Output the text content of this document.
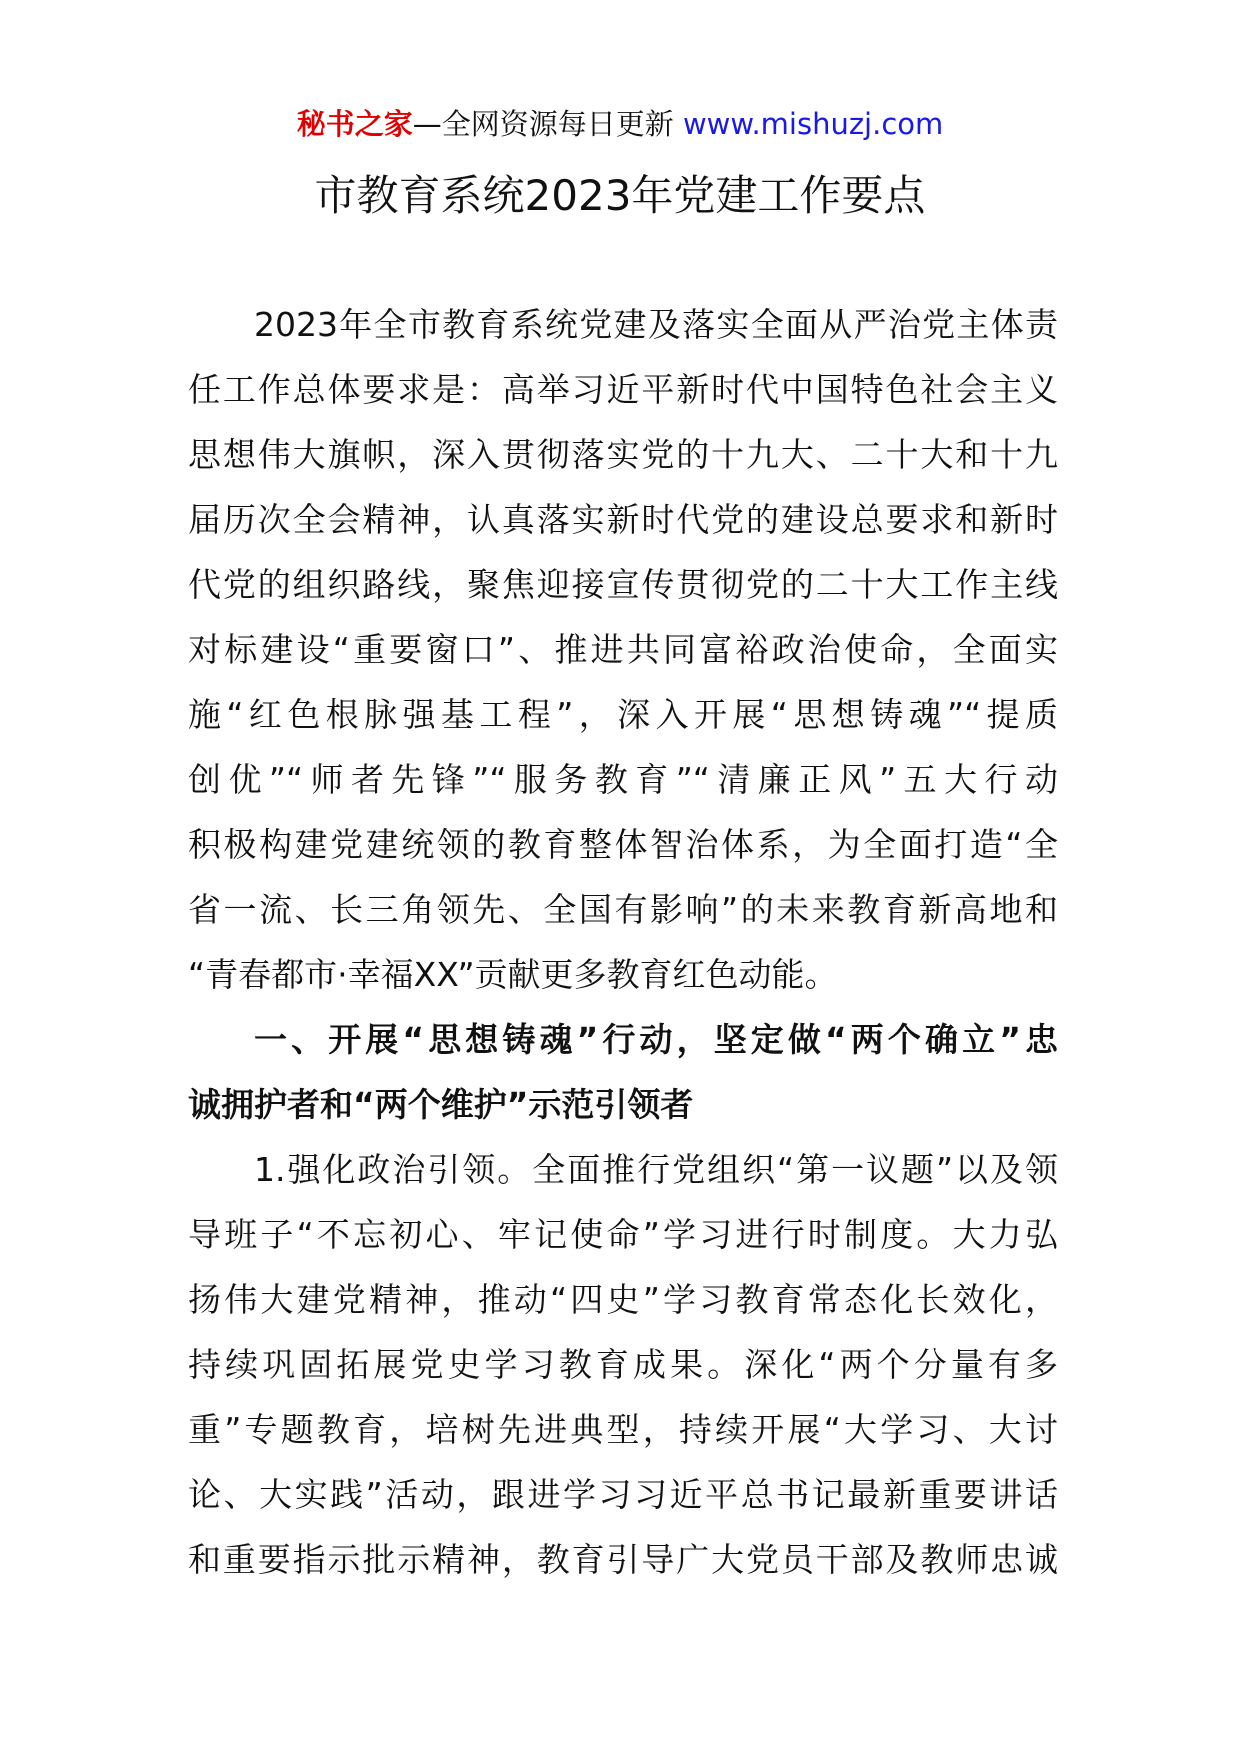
秘书之家—全网资源每日更新 www.mishuzj.com
市教育系统2023年党建工作要点
2023年全市教育系统党建及落实全面从严治党主体责
任工作总体要求是：高举习近平新时代中国特色社会主义
思想伟大旗帜，深入贯彻落实党的十九大、二十大和十九
届历次全会精神，认真落实新时代党的建设总要求和新时
代党的组织路线，聚焦迎接宣传贯彻党的二十大工作主线
对标建设“重要窗口”、推进共同富裕政治使命，全面实
施“红色根脉强基工程”，深入开展“思想铸魂”“提质
创优”“师者先锋”“服务教育”“清廉正风”五大行动
积极构建党建统领的教育整体智治体系，为全面打造“全
省一流、长三角领先、全国有影响”的未来教育新高地和
“青春都市·幸福XX”贡献更多教育红色动能。
一、开展“思想铸魂”行动，坚定做“两个确立”忠
诚拥护者和“两个维护”示范引领者
1.强化政治引领。全面推行党组织“第一议题”以及领
导班子“不忘初心、牢记使命”学习进行时制度。大力弘
扬伟大建党精神，推动“四史”学习教育常态化长效化，
持续巩固拓展党史学习教育成果。深化“两个分量有多
重”专题教育，培树先进典型，持续开展“大学习、大讨
论、大实践”活动，跟进学习习近平总书记最新重要讲话
和重要指示批示精神，教育引导广大党员干部及教师忠诚
